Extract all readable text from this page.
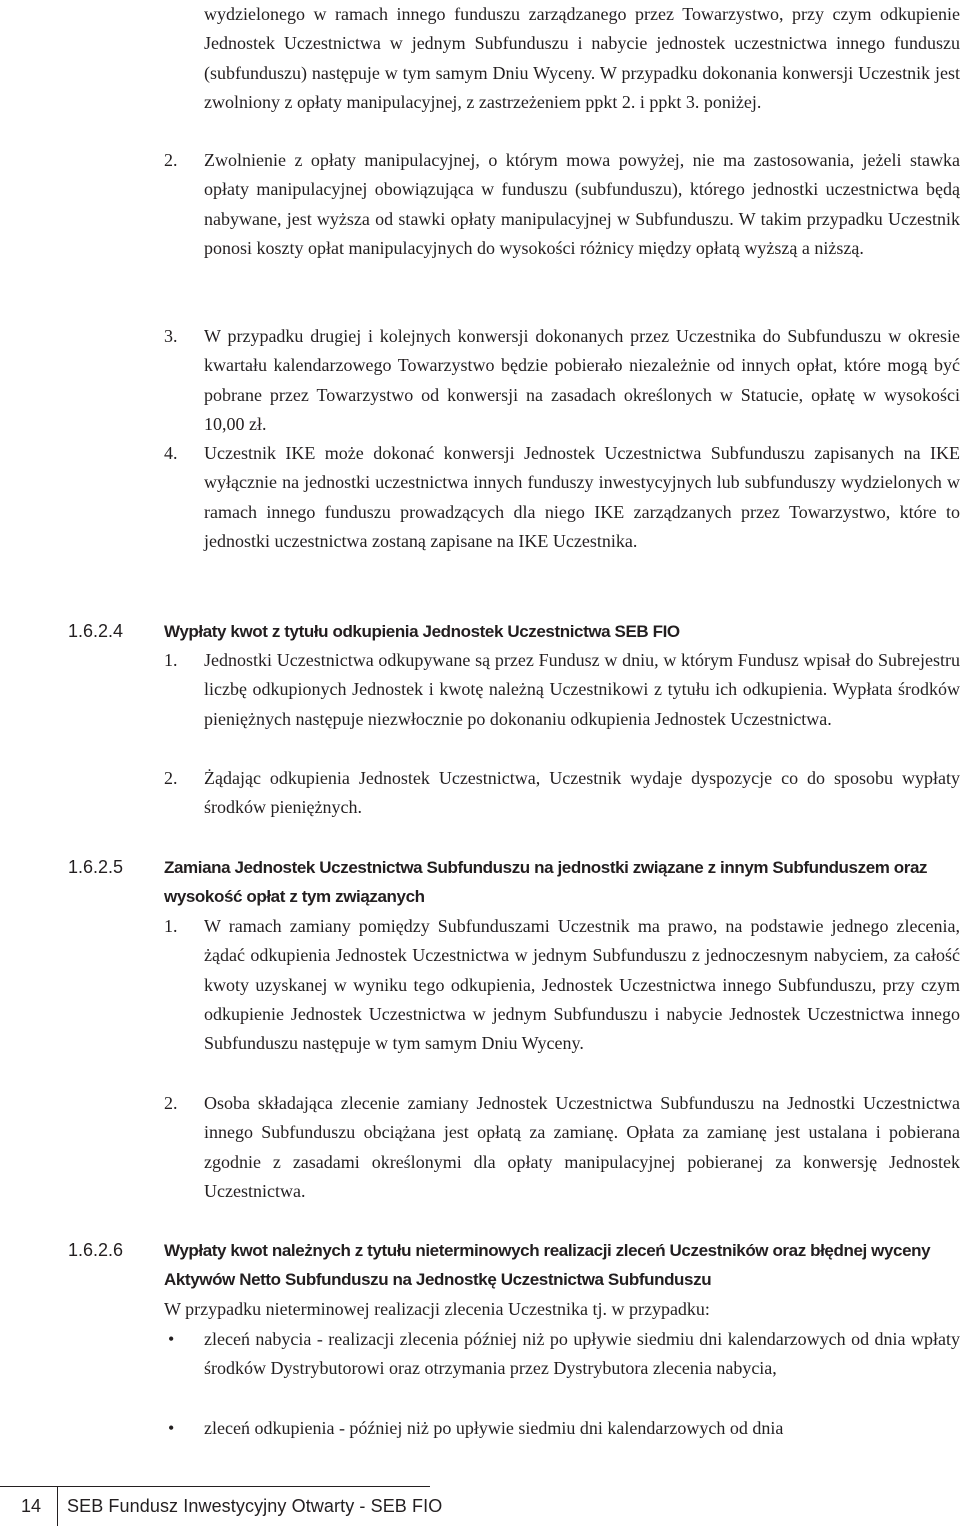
wydzielonego w ramach innego funduszu zarządzanego przez Towarzystwo, przy czym odkupienie Jednostek Uczestnictwa w jednym Subfunduszu i nabycie jednostek uczestnictwa innego funduszu (subfunduszu) następuje w tym samym Dniu Wyceny. W przypadku dokonania konwersji Uczestnik jest zwolniony z opłaty manipulacyjnej, z zastrzeżeniem ppkt 2. i ppkt 3. poniżej.
2. Zwolnienie z opłaty manipulacyjnej, o którym mowa powyżej, nie ma zastosowania, jeżeli stawka opłaty manipulacyjnej obowiązująca w funduszu (subfunduszu), którego jednostki uczestnictwa będą nabywane, jest wyższa od stawki opłaty manipulacyjnej w Subfunduszu. W takim przypadku Uczestnik ponosi koszty opłat manipulacyjnych do wysokości różnicy między opłatą wyższą a niższą.
3. W przypadku drugiej i kolejnych konwersji dokonanych przez Uczestnika do Subfunduszu w okresie kwartału kalendarzowego Towarzystwo będzie pobierało niezależnie od innych opłat, które mogą być pobrane przez Towarzystwo od konwersji na zasadach określonych w Statucie, opłatę w wysokości 10,00 zł.
4. Uczestnik IKE może dokonać konwersji Jednostek Uczestnictwa Subfunduszu zapisanych na IKE wyłącznie na jednostki uczestnictwa innych funduszy inwestycyjnych lub subfunduszy wydzielonych w ramach innego funduszu prowadzących dla niego IKE zarządzanych przez Towarzystwo, które to jednostki uczestnictwa zostaną zapisane na IKE Uczestnika.
1.6.2.4 Wypłaty kwot z tytułu odkupienia Jednostek Uczestnictwa SEB FIO
1. Jednostki Uczestnictwa odkupywane są przez Fundusz w dniu, w którym Fundusz wpisał do Subrejestru liczbę odkupionych Jednostek i kwotę należną Uczestnikowi z tytułu ich odkupienia. Wypłata środków pieniężnych następuje niezwłocznie po dokonaniu odkupienia Jednostek Uczestnictwa.
2. Żądając odkupienia Jednostek Uczestnictwa, Uczestnik wydaje dyspozycje co do sposobu wypłaty środków pieniężnych.
1.6.2.5 Zamiana Jednostek Uczestnictwa Subfunduszu na jednostki związane z innym Subfunduszem oraz wysokość opłat z tym związanych
1. W ramach zamiany pomiędzy Subfunduszami Uczestnik ma prawo, na podstawie jednego zlecenia, żądać odkupienia Jednostek Uczestnictwa w jednym Subfunduszu z jednoczesnym nabyciem, za całość kwoty uzyskanej w wyniku tego odkupienia, Jednostek Uczestnictwa innego Subfunduszu, przy czym odkupienie Jednostek Uczestnictwa w jednym Subfunduszu i nabycie Jednostek Uczestnictwa innego Subfunduszu następuje w tym samym Dniu Wyceny.
2. Osoba składająca zlecenie zamiany Jednostek Uczestnictwa Subfunduszu na Jednostki Uczestnictwa innego Subfunduszu obciążana jest opłatą za zamianę. Opłata za zamianę jest ustalana i pobierana zgodnie z zasadami określonymi dla opłaty manipulacyjnej pobieranej za konwersję Jednostek Uczestnictwa.
1.6.2.6 Wypłaty kwot należnych z tytułu nieterminowych realizacji zleceń Uczestników oraz błędnej wyceny Aktywów Netto Subfunduszu na Jednostkę Uczestnictwa Subfunduszu
W przypadku nieterminowej realizacji zlecenia Uczestnika tj. w przypadku:
• zleceń nabycia - realizacji zlecenia później niż po upływie siedmiu dni kalendarzowych od dnia wpłaty środków Dystrybutorowi oraz otrzymania przez Dystrybutora zlecenia nabycia,
• zleceń odkupienia - później niż po upływie siedmiu dni kalendarzowych od dnia
14 SEB Fundusz Inwestycyjny Otwarty - SEB FIO
